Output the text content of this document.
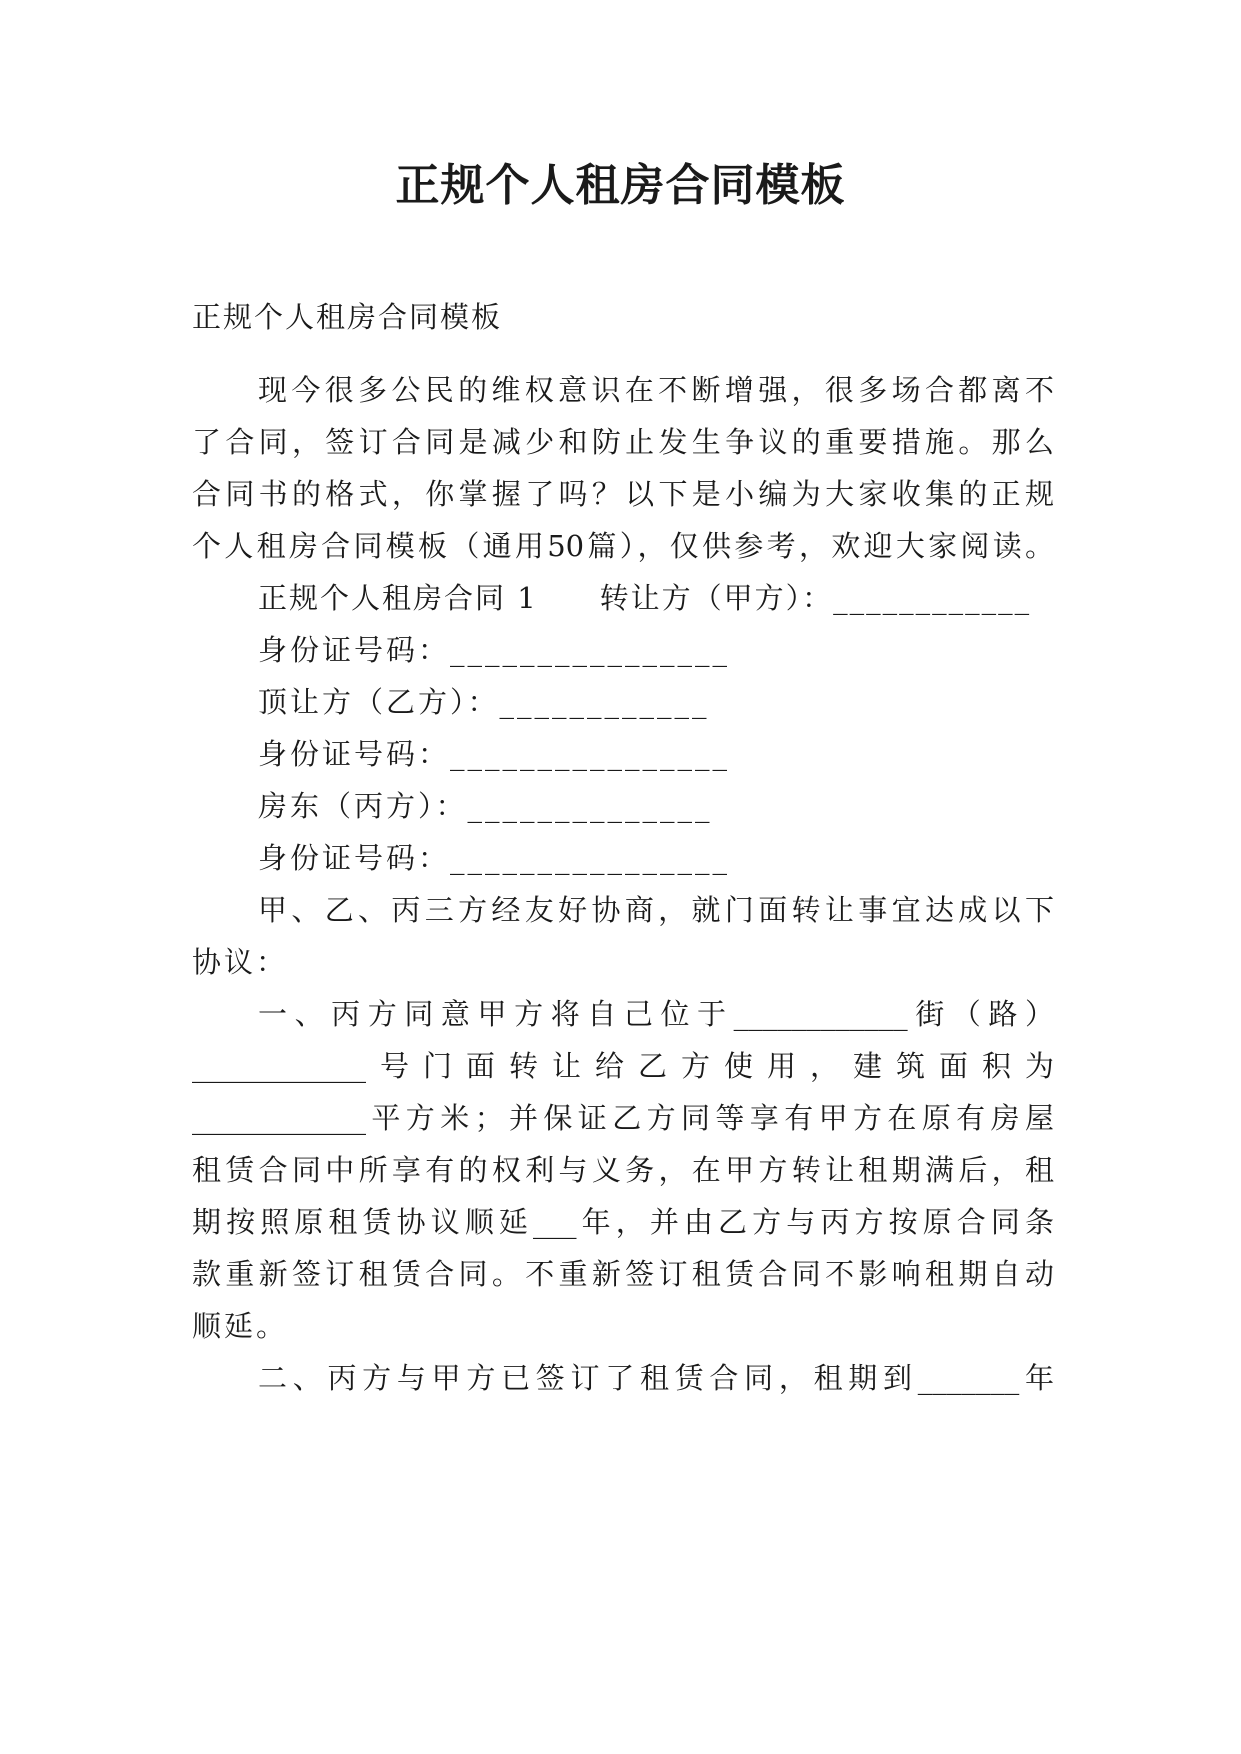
正规个人租房合同模板
正规个人租房合同模板
现今很多公民的维权意识在不断增强，很多场合都离不
了合同，签订合同是减少和防止发生争议的重要措施。那么
合同书的格式，你掌握了吗？以下是小编为大家收集的正规
个人租房合同模板（通用50篇），仅供参考，欢迎大家阅读。
正规个人租房合同 1　　转让方（甲方）：____________
身份证号码：________________
顶让方（乙方）：____________
身份证号码：________________
房东（丙方）：______________
身份证号码：________________
甲、乙、丙三方经友好协商，就门面转让事宜达成以下
协议：
一、丙方同意甲方将自己位于____________街（路）
____________号门面转让给乙方使用，建筑面积为
____________平方米；并保证乙方同等享有甲方在原有房屋
租赁合同中所享有的权利与义务，在甲方转让租期满后，租
期按照原租赁协议顺延___年，并由乙方与丙方按原合同条
款重新签订租赁合同。不重新签订租赁合同不影响租期自动
顺延。
二、丙方与甲方已签订了租赁合同，租期到_______年
